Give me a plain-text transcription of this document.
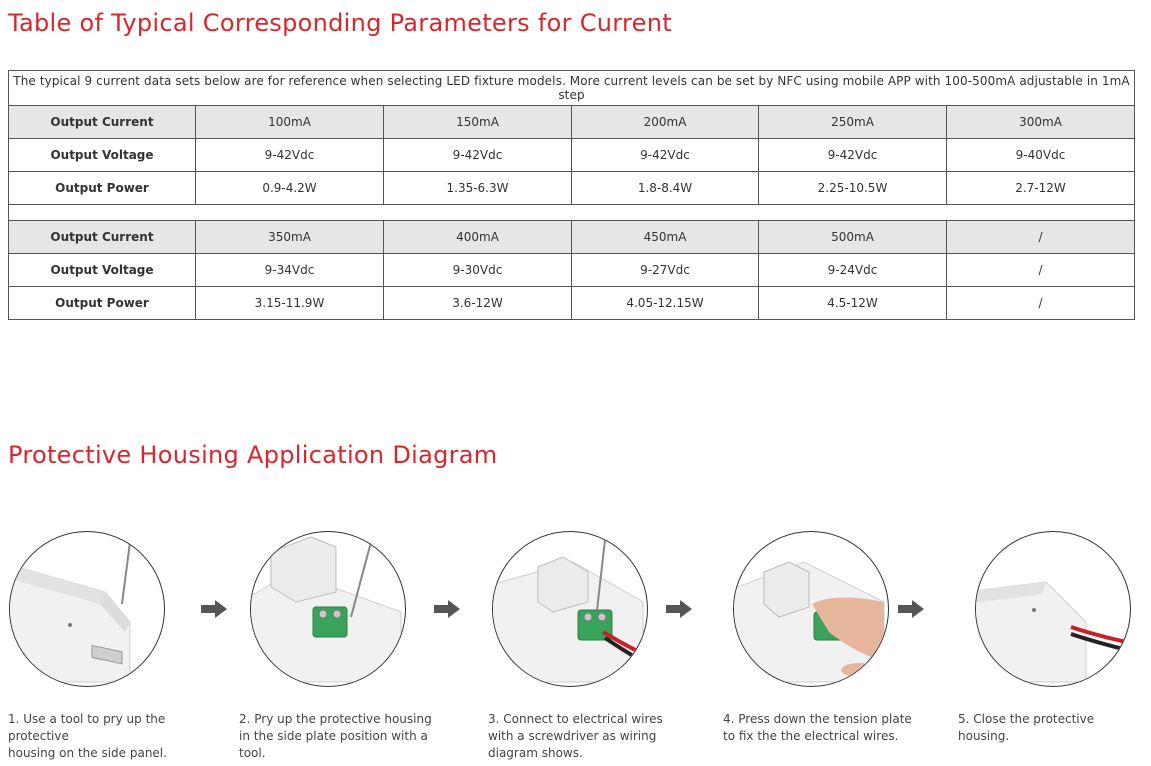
Table of Typical Corresponding Parameters for Current
The typical 9 current data sets below are for reference when selecting LED fixture models. More current levels can be set by NFC using mobile APP with 100-500mA adjustable in 1mA step					
Output Current	100mA	150mA	200mA	250mA	300mA
Output Voltage	9-42Vdc	9-42Vdc	9-42Vdc	9-42Vdc	9-40Vdc
Output Power	0.9-4.2W	1.35-6.3W	1.8-8.4W	2.25-10.5W	2.7-12W

Output Current	350mA	400mA	450mA	500mA	/
Output Voltage	9-34Vdc	9-30Vdc	9-27Vdc	9-24Vdc	/
Output Power	3.15-11.9W	3.6-12W	4.05-12.15W	4.5-12W	/
Protective Housing Application Diagram
1. Use a tool to pry up the protective
housing on the side panel.
2. Pry up the protective housing
in the side plate position with a
tool.
3. Connect to electrical wires
with a screwdriver as wiring
diagram shows.
4. Press down the tension plate
to fix the the electrical wires.
5. Close the protective housing.
